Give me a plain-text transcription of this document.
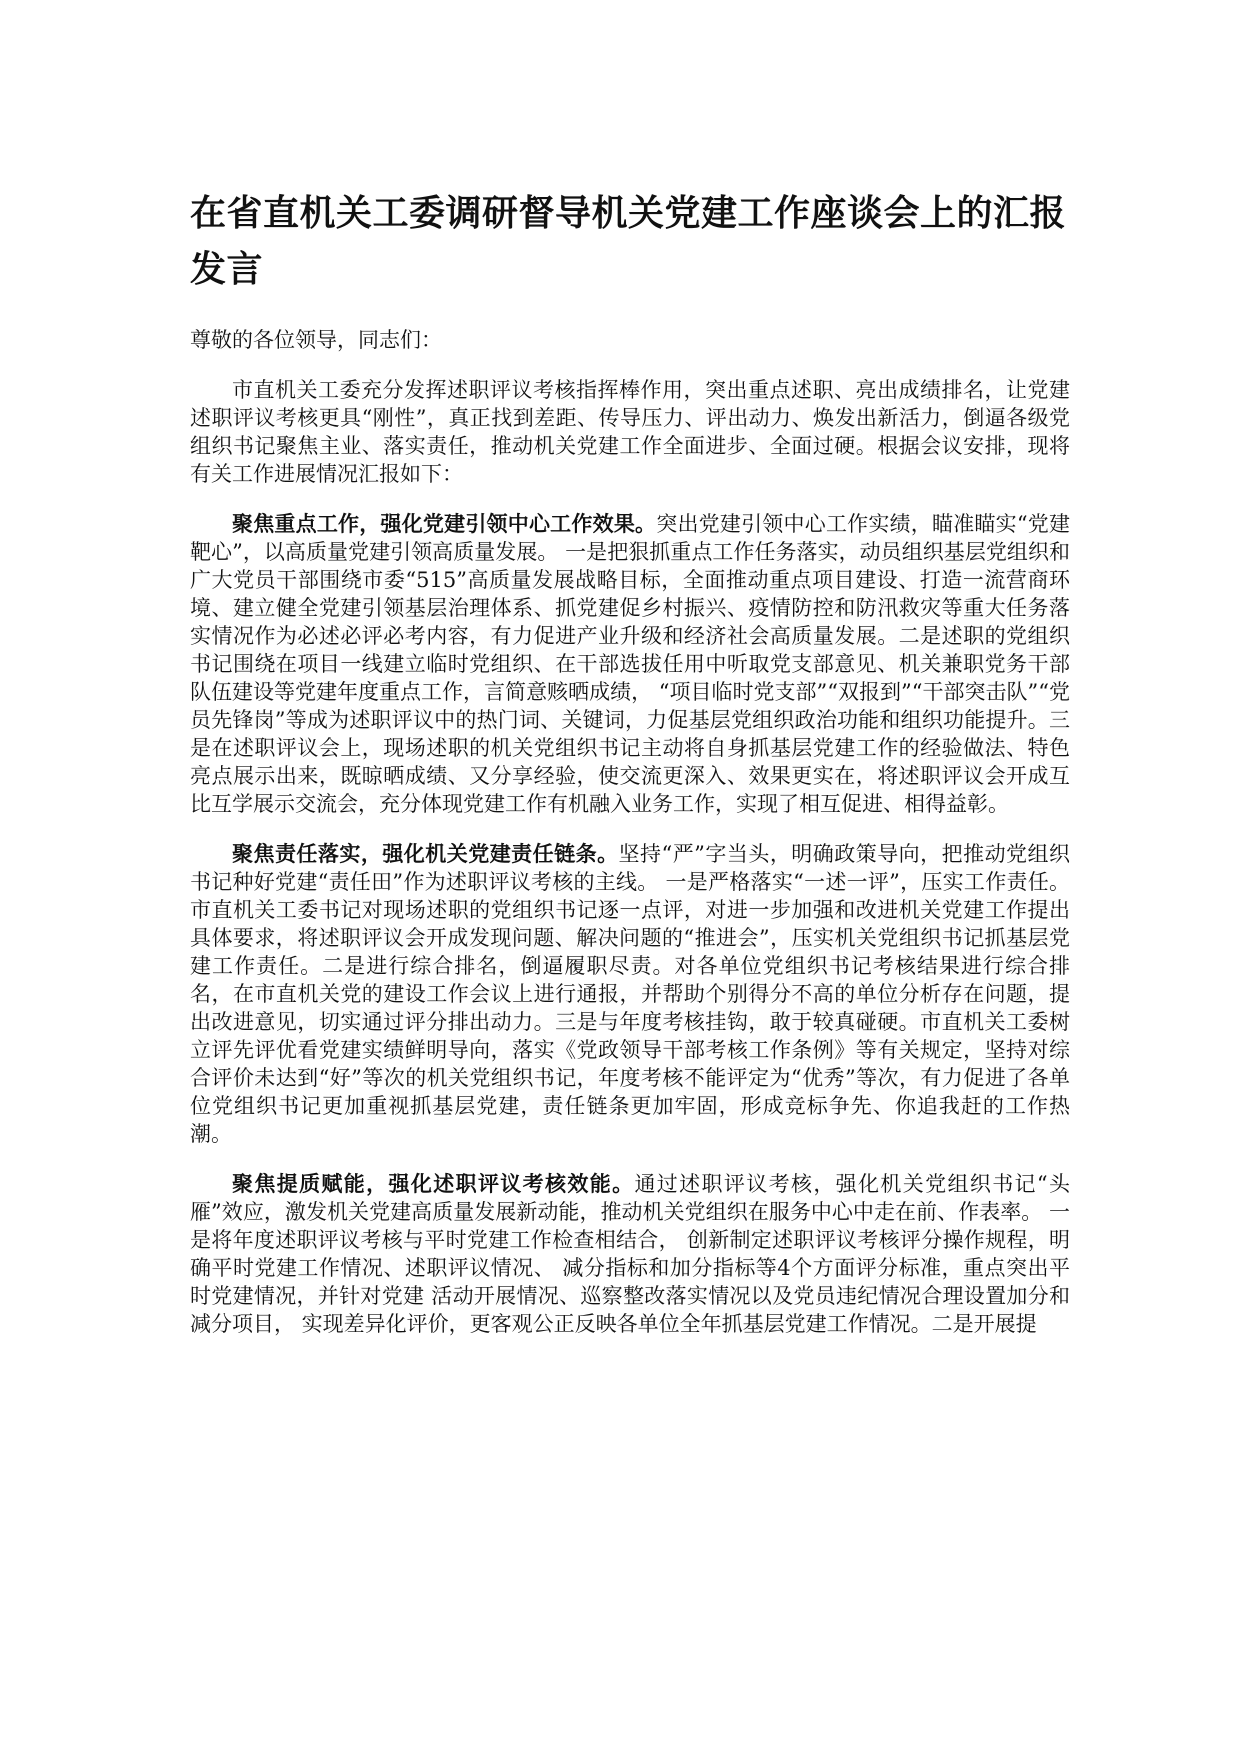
在省直机关工委调研督导机关党建工作座谈会上的汇报发言

尊敬的各位领导，同志们：

市直机关工委充分发挥述职评议考核指挥棒作用，突出重点述职、亮出成绩排名，让党建述职评议考核更具“刚性”，真正找到差距、传导压力、评出动力、焕发出新活力，倒逼各级党组织书记聚焦主业、落实责任，推动机关党建工作全面进步、全面过硬。根据会议安排，现将有关工作进展情况汇报如下：

聚焦重点工作，强化党建引领中心工作效果。突出党建引领中心工作实绩，瞄准瞄实“党建靶心”，以高质量党建引领高质量发展。 一是把狠抓重点工作任务落实，动员组织基层党组织和广大党员干部围绕市委“515”高质量发展战略目标，全面推动重点项目建设、打造一流营商环境、建立健全党建引领基层治理体系、抓党建促乡村振兴、疫情防控和防汛救灾等重大任务落实情况作为必述必评必考内容，有力促进产业升级和经济社会高质量发展。二是述职的党组织书记围绕在项目一线建立临时党组织、在干部选拔任用中听取党支部意见、机关兼职党务干部队伍建设等党建年度重点工作，言简意赅晒成绩， “项目临时党支部”“双报到”“干部突击队”“党员先锋岗”等成为述职评议中的热门词、关键词，力促基层党组织政治功能和组织功能提升。三是在述职评议会上，现场述职的机关党组织书记主动将自身抓基层党建工作的经验做法、特色亮点展示出来，既晾晒成绩、又分享经验，使交流更深入、效果更实在，将述职评议会开成互比互学展示交流会，充分体现党建工作有机融入业务工作，实现了相互促进、相得益彰。

聚焦责任落实，强化机关党建责任链条。坚持“严”字当头，明确政策导向，把推动党组织书记种好党建“责任田”作为述职评议考核的主线。 一是严格落实“一述一评”，压实工作责任。市直机关工委书记对现场述职的党组织书记逐一点评，对进一步加强和改进机关党建工作提出具体要求，将述职评议会开成发现问题、解决问题的“推进会”，压实机关党组织书记抓基层党建工作责任。二是进行综合排名，倒逼履职尽责。对各单位党组织书记考核结果进行综合排名，在市直机关党的建设工作会议上进行通报，并帮助个别得分不高的单位分析存在问题，提出改进意见，切实通过评分排出动力。三是与年度考核挂钩，敢于较真碰硬。市直机关工委树立评先评优看党建实绩鲜明导向，落实《党政领导干部考核工作条例》等有关规定，坚持对综合评价未达到“好”等次的机关党组织书记，年度考核不能评定为“优秀”等次，有力促进了各单位党组织书记更加重视抓基层党建，责任链条更加牢固，形成竞标争先、你追我赶的工作热潮。

聚焦提质赋能，强化述职评议考核效能。通过述职评议考核，强化机关党组织书记“头雁”效应，激发机关党建高质量发展新动能，推动机关党组织在服务中心中走在前、作表率。 一是将年度述职评议考核与平时党建工作检查相结合， 创新制定述职评议考核评分操作规程，明确平时党建工作情况、述职评议情况、 减分指标和加分指标等4个方面评分标准，重点突出平时党建情况，并针对党建 活动开展情况、巡察整改落实情况以及党员违纪情况合理设置加分和减分项目， 实现差异化评价，更客观公正反映各单位全年抓基层党建工作情况。二是开展提
